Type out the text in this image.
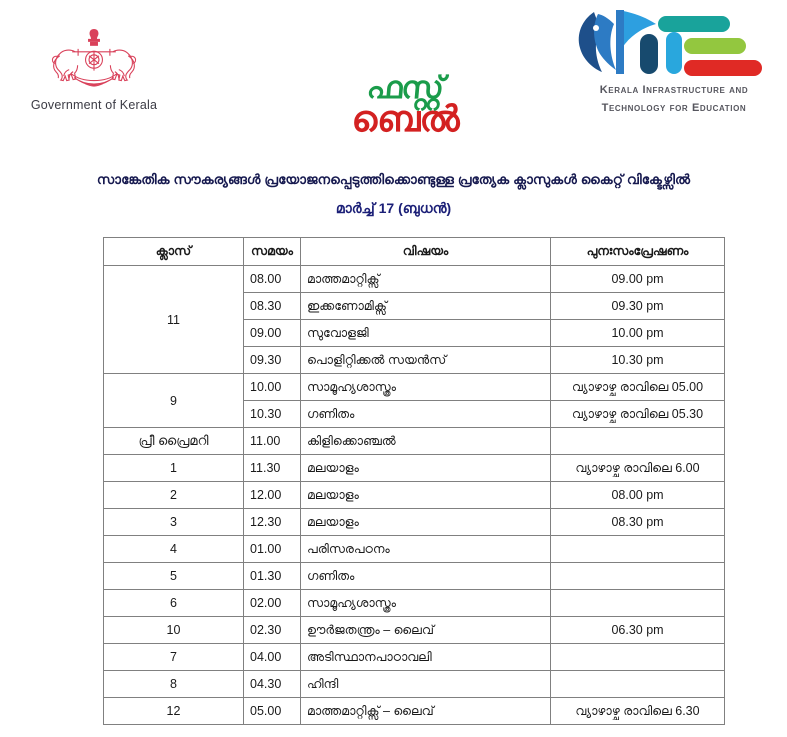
Government of Kerala	ഫസ്റ്റ്
ബെൽ
Kerala Infrastructure and
Technology for Education
സാങ്കേതിക സൗകര്യങ്ങൾ പ്രയോജനപ്പെടുത്തിക്കൊണ്ടുള്ള പ്രത്യേക ക്ലാസുകൾ കൈറ്റ് വിക്ടേഴ്സിൽ
മാർച്ച് 17 (ബുധൻ)
ക്ലാസ്	സമയം	വിഷയം	പുനഃസംപ്രേഷണം
11	08.00	മാത്തമാറ്റിക്സ്	09.00 pm
	08.30	ഇക്കണോമിക്സ്	09.30 pm
	09.00	സുവോളജി	10.00 pm
	09.30	പൊളിറ്റിക്കൽ സയൻസ്	10.30 pm
9	10.00	സാമൂഹ്യശാസ്ത്രം	വ്യാഴാഴ്ച രാവിലെ 05.00
	10.30	ഗണിതം	വ്യാഴാഴ്ച രാവിലെ 05.30
പ്രീ പ്രൈമറി	11.00	കിളിക്കൊഞ്ചൽ	
1	11.30	മലയാളം	വ്യാഴാഴ്ച രാവിലെ 6.00
2	12.00	മലയാളം	08.00 pm
3	12.30	മലയാളം	08.30 pm
4	01.00	പരിസരപഠനം	
5	01.30	ഗണിതം	
6	02.00	സാമൂഹ്യശാസ്ത്രം	
10	02.30	ഊർജതന്ത്രം – ലൈവ്	06.30 pm
7	04.00	അടിസ്ഥാനപാഠാവലി	
8	04.30	ഹിന്ദി	
12	05.00	മാത്തമാറ്റിക്സ് – ലൈവ്	വ്യാഴാഴ്ച രാവിലെ 6.30
